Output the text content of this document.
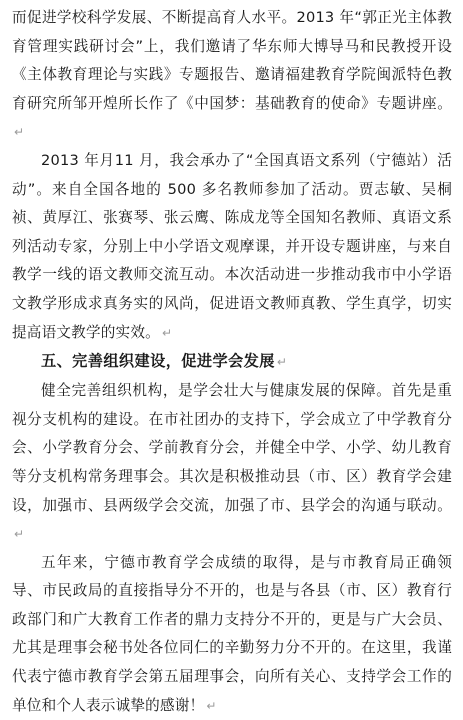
而促进学校科学发展、不断提高育人水平。2013 年“郭正光主体教育管理实践研讨会”上，我们邀请了华东师大博导马和民教授开设《主体教育理论与实践》专题报告、邀请福建教育学院闽派特色教育研究所邹开煌所长作了《中国梦：基础教育的使命》专题讲座。↵

2013 年月11 月，我会承办了“全国真语文系列（宁德站）活动”。来自全国各地的 500 多名教师参加了活动。贾志敏、吴桐祯、黄厚江、张赛琴、张云鹰、陈成龙等全国知名教师、真语文系列活动专家，分别上中小学语文观摩课，并开设专题讲座，与来自教学一线的语文教师交流互动。本次活动进一步推动我市中小学语文教学形成求真务实的风尚，促进语文教师真教、学生真学，切实提高语文教学的实效。 ↵

五、完善组织建设，促进学会发展 ↵

健全完善组织机构，是学会壮大与健康发展的保障。首先是重视分支机构的建设。在市社团办的支持下，学会成立了中学教育分会、小学教育分会、学前教育分会，并健全中学、小学、幼儿教育等分支机构常务理事会。其次是积极推动县（市、区）教育学会建设，加强市、县两级学会交流，加强了市、县学会的沟通与联动。↵

五年来，宁德市教育学会成绩的取得，是与市教育局正确领导、市民政局的直接指导分不开的，也是与各县（市、区）教育行政部门和广大教育工作者的鼎力支持分不开的，更是与广大会员、尤其是理事会秘书处各位同仁的辛勤努力分不开的。在这里，我谨代表宁德市教育学会第五届理事会，向所有关心、支持学会工作的单位和个人表示诚挚的感谢！ ↵
